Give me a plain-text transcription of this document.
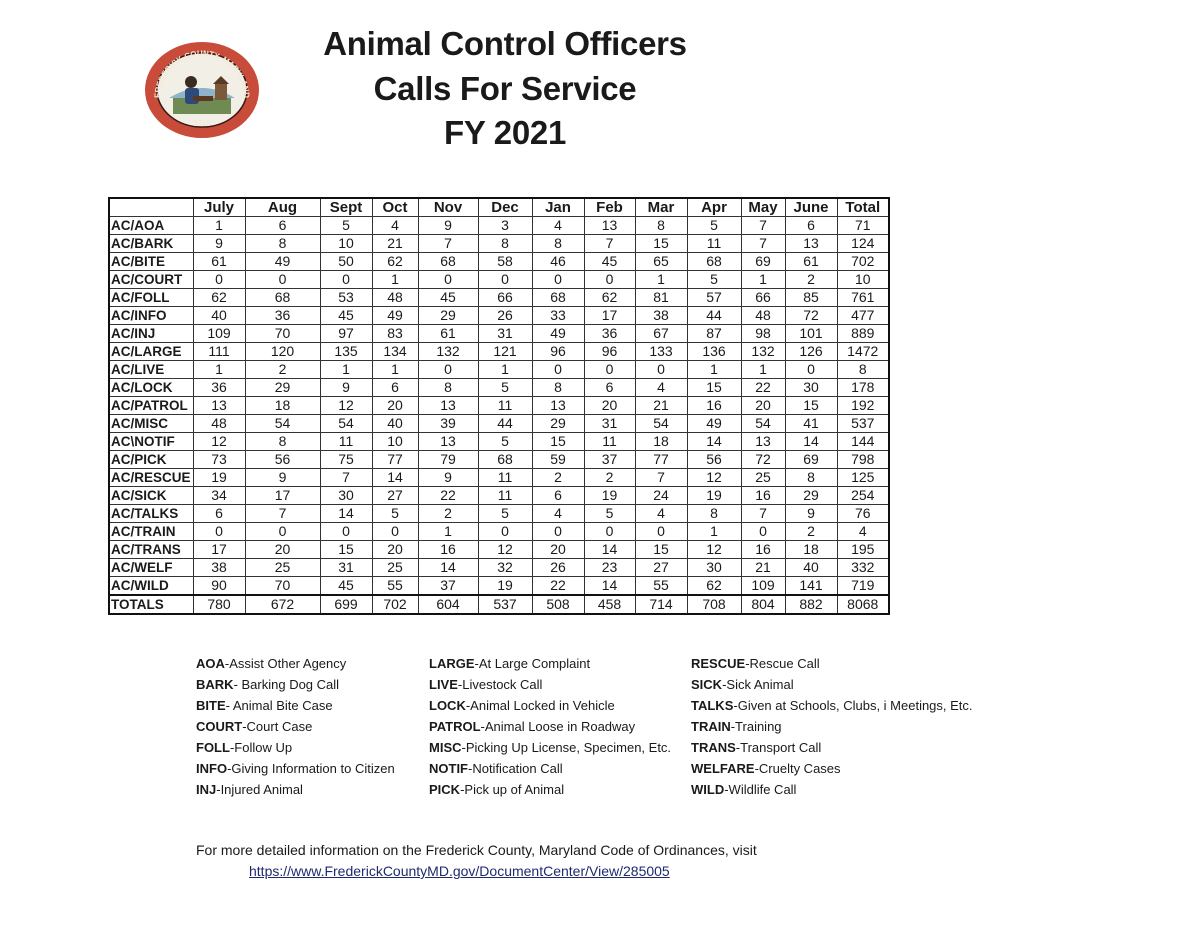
FREDERICK COUNTY, MARYLAND
1748
Animal Control Officers
Calls For Service
FY 2021
	July	Aug	Sept	Oct	Nov	Dec	Jan	Feb	Mar	Apr	May	June	Total
AC/AOA	1	6	5	4	9	3	4	13	8	5	7	6	71
AC/BARK	9	8	10	21	7	8	8	7	15	11	7	13	124
AC/BITE	61	49	50	62	68	58	46	45	65	68	69	61	702
AC/COURT	0	0	0	1	0	0	0	0	1	5	1	2	10
AC/FOLL	62	68	53	48	45	66	68	62	81	57	66	85	761
AC/INFO	40	36	45	49	29	26	33	17	38	44	48	72	477
AC/INJ	109	70	97	83	61	31	49	36	67	87	98	101	889
AC/LARGE	111	120	135	134	132	121	96	96	133	136	132	126	1472
AC/LIVE	1	2	1	1	0	1	0	0	0	1	1	0	8
AC/LOCK	36	29	9	6	8	5	8	6	4	15	22	30	178
AC/PATROL	13	18	12	20	13	11	13	20	21	16	20	15	192
AC/MISC	48	54	54	40	39	44	29	31	54	49	54	41	537
AC\NOTIF	12	8	11	10	13	5	15	11	18	14	13	14	144
AC/PICK	73	56	75	77	79	68	59	37	77	56	72	69	798
AC/RESCUE	19	9	7	14	9	11	2	2	7	12	25	8	125
AC/SICK	34	17	30	27	22	11	6	19	24	19	16	29	254
AC/TALKS	6	7	14	5	2	5	4	5	4	8	7	9	76
AC/TRAIN	0	0	0	0	1	0	0	0	0	1	0	2	4
AC/TRANS	17	20	15	20	16	12	20	14	15	12	16	18	195
AC/WELF	38	25	31	25	14	32	26	23	27	30	21	40	332
AC/WILD	90	70	45	55	37	19	22	14	55	62	109	141	719
TOTALS	780	672	699	702	604	537	508	458	714	708	804	882	8068
AOA-Assist Other Agency
BARK- Barking Dog Call
BITE- Animal Bite Case
COURT-Court Case
FOLL-Follow Up
INFO-Giving Information to Citizen
INJ-Injured Animal
LARGE-At Large Complaint
LIVE-Livestock Call
LOCK-Animal Locked in Vehicle
PATROL-Animal Loose in Roadway
MISC-Picking Up License, Specimen, Etc.
NOTIF-Notification Call
PICK-Pick up of Animal
RESCUE-Rescue Call
SICK-Sick Animal
TALKS-Given at Schools, Clubs, i Meetings, Etc.
TRAIN-Training
TRANS-Transport Call
WELFARE-Cruelty Cases
WILD-Wildlife Call
For more detailed information on the Frederick County, Maryland Code of Ordinances, visit
https://www.FrederickCountyMD.gov/DocumentCenter/View/285005
